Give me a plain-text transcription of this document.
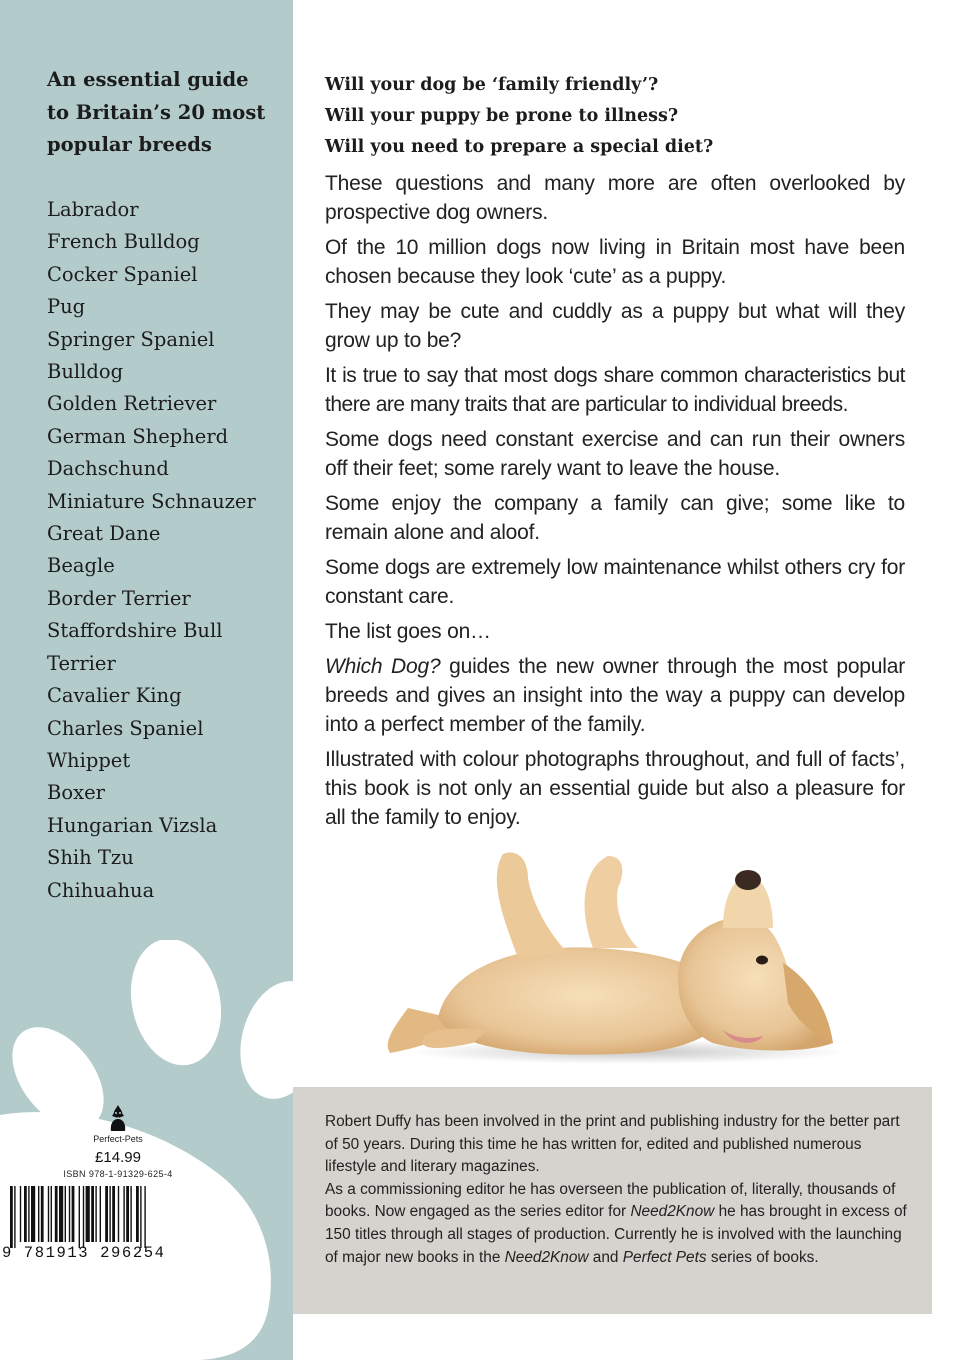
An essential guide
to Britain’s 20 most
popular breeds
Labrador
French Bulldog
Cocker Spaniel
Pug
Springer Spaniel
Bulldog
Golden Retriever
German Shepherd
Dachschund
Miniature Schnauzer
Great Dane
Beagle
Border Terrier
Staffordshire Bull
Terrier
Cavalier King
Charles Spaniel
Whippet
Boxer
Hungarian Vizsla
Shih Tzu
Chihuahua
Perfect-Pets
£14.99
ISBN 978-1-91329-625-4
9 781913 296254
Will your dog be ‘family friendly’?
Will your puppy be prone to illness?
Will you need to prepare a special diet?

These questions and many more are often overlooked by prospective dog owners.

Of the 10 million dogs now living in Britain most have been chosen because they look ‘cute’ as a puppy.

They may be cute and cuddly as a puppy but what will they grow up to be?

It is true to say that most dogs share common characteristics but there are many traits that are particular to individual breeds.

Some dogs need constant exercise and can run their owners off their feet; some rarely want to leave the house.

Some enjoy the company a family can give; some like to remain alone and aloof.

Some dogs are extremely low maintenance whilst others cry for constant care.

The list goes on…

Which Dog? guides the new owner through the most popular breeds and gives an insight into the way a puppy can develop into a perfect member of the family.

Illustrated with colour photographs throughout, and full of facts’, this book is not only an essential guide but also a pleasure for all the family to enjoy.

Robert Duffy has been involved in the print and publishing industry for the better part of 50 years. During this time he has written for, edited and published numerous lifestyle and literary magazines.

As a commissioning editor he has overseen the publication of, literally, thousands of books. Now engaged as the series editor for Need2Know he has brought in excess of 150 titles through all stages of production. Currently he is involved with the launching of major new books in the Need2Know and Perfect Pets series of books.
